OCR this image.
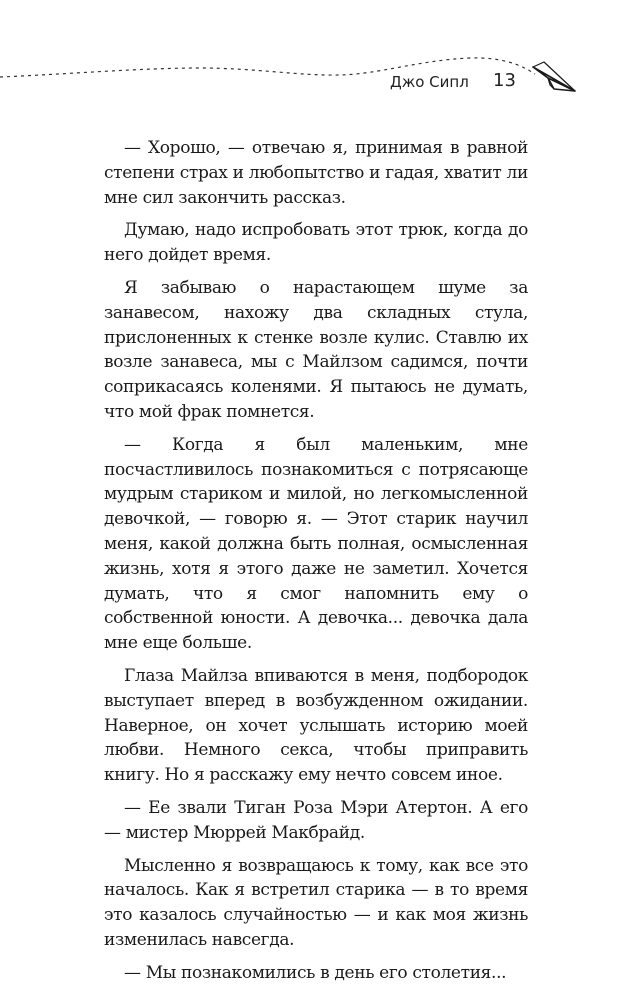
Джо Сипл 13

— Хорошо, — отвечаю я, принимая в равной степени страх и любопытство и гадая, хватит ли мне сил закончить рассказ.

Думаю, надо испробовать этот трюк, когда до него дойдет время.

Я забываю о нарастающем шуме за занавесом, нахожу два складных стула, прислоненных к стенке возле кулис. Ставлю их возле занавеса, мы с Майлзом садимся, почти соприкасаясь коленями. Я пытаюсь не думать, что мой фрак помнется.

— Когда я был маленьким, мне посчастливилось познакомиться с потрясающе мудрым стариком и милой, но легкомысленной девочкой, — говорю я. — Этот старик научил меня, какой должна быть полная, осмысленная жизнь, хотя я этого даже не заметил. Хочется думать, что я смог напомнить ему о собственной юности. А девочка... девочка дала мне еще больше.

Глаза Майлза впиваются в меня, подбородок выступает вперед в возбужденном ожидании. Наверное, он хочет услышать историю моей любви. Немного секса, чтобы приправить книгу. Но я расскажу ему нечто совсем иное.

— Ее звали Тиган Роза Мэри Атертон. А его — мистер Мюррей Макбрайд.

Мысленно я возвращаюсь к тому, как все это началось. Как я встретил старика — в то время это казалось случайностью — и как моя жизнь изменилась навсегда.

— Мы познакомились в день его столетия...
